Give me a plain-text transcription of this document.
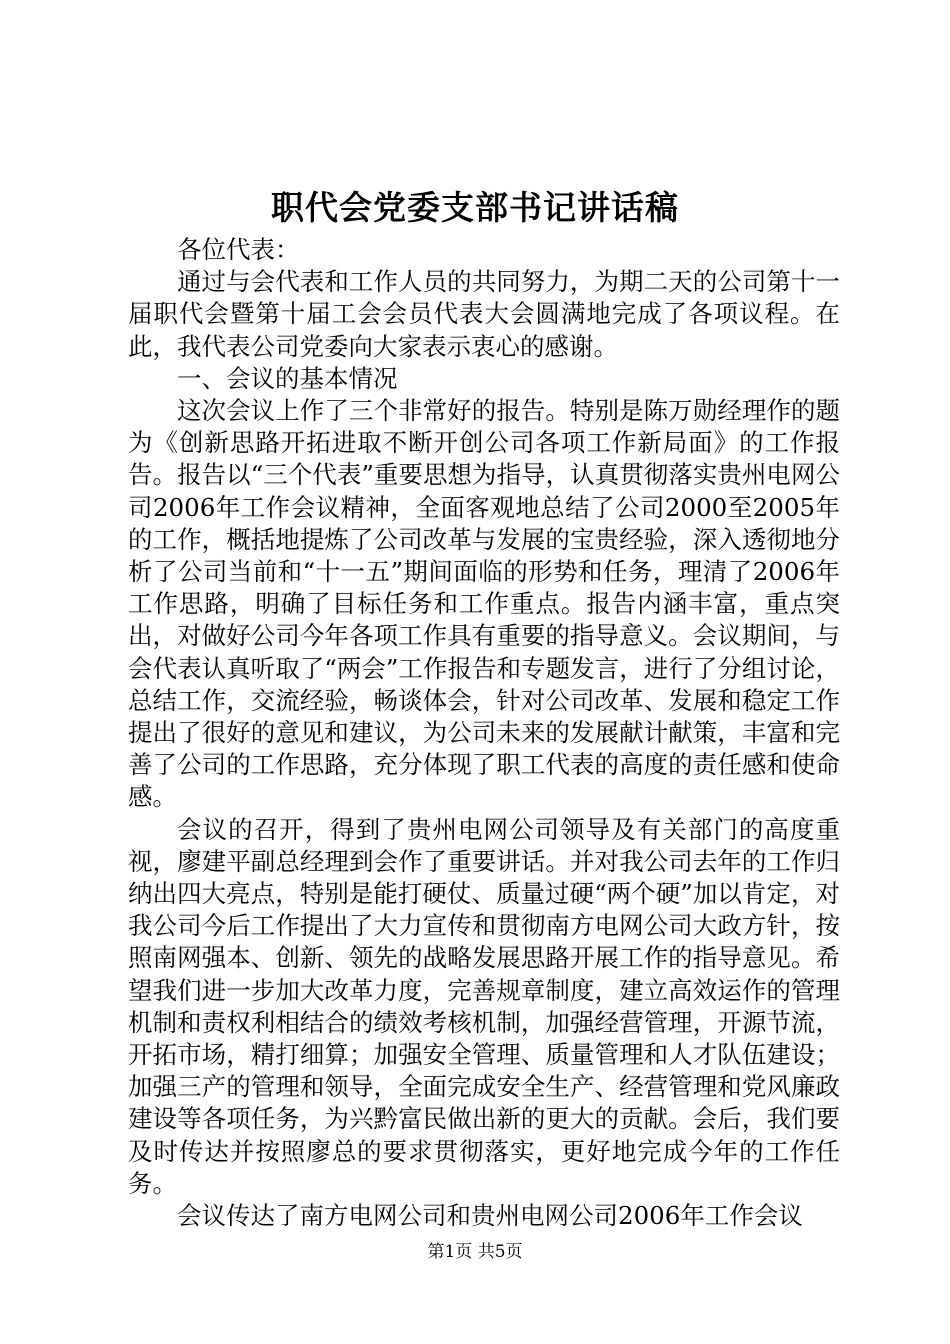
职代会党委支部书记讲话稿

各位代表：

通过与会代表和工作人员的共同努力，为期二天的公司第十一届职代会暨第十届工会会员代表大会圆满地完成了各项议程。在此，我代表公司党委向大家表示衷心的感谢。

一、会议的基本情况

这次会议上作了三个非常好的报告。特别是陈万勋经理作的题为《创新思路开拓进取不断开创公司各项工作新局面》的工作报告。报告以“三个代表”重要思想为指导，认真贯彻落实贵州电网公司2006年工作会议精神，全面客观地总结了公司2000至2005年的工作，概括地提炼了公司改革与发展的宝贵经验，深入透彻地分析了公司当前和“十一五”期间面临的形势和任务，理清了2006年工作思路，明确了目标任务和工作重点。报告内涵丰富，重点突出，对做好公司今年各项工作具有重要的指导意义。会议期间，与会代表认真听取了“两会”工作报告和专题发言，进行了分组讨论，总结工作，交流经验，畅谈体会，针对公司改革、发展和稳定工作提出了很好的意见和建议，为公司未来的发展献计献策，丰富和完善了公司的工作思路，充分体现了职工代表的高度的责任感和使命感。

会议的召开，得到了贵州电网公司领导及有关部门的高度重视，廖建平副总经理到会作了重要讲话。并对我公司去年的工作归纳出四大亮点，特别是能打硬仗、质量过硬“两个硬”加以肯定，对我公司今后工作提出了大力宣传和贯彻南方电网公司大政方针，按照南网强本、创新、领先的战略发展思路开展工作的指导意见。希望我们进一步加大改革力度，完善规章制度，建立高效运作的管理机制和责权利相结合的绩效考核机制，加强经营管理，开源节流，开拓市场，精打细算；加强安全管理、质量管理和人才队伍建设；加强三产的管理和领导，全面完成安全生产、经营管理和党风廉政建设等各项任务，为兴黔富民做出新的更大的贡献。会后，我们要及时传达并按照廖总的要求贯彻落实，更好地完成今年的工作任务。

会议传达了南方电网公司和贵州电网公司2006年工作会议

第1页 共5页
